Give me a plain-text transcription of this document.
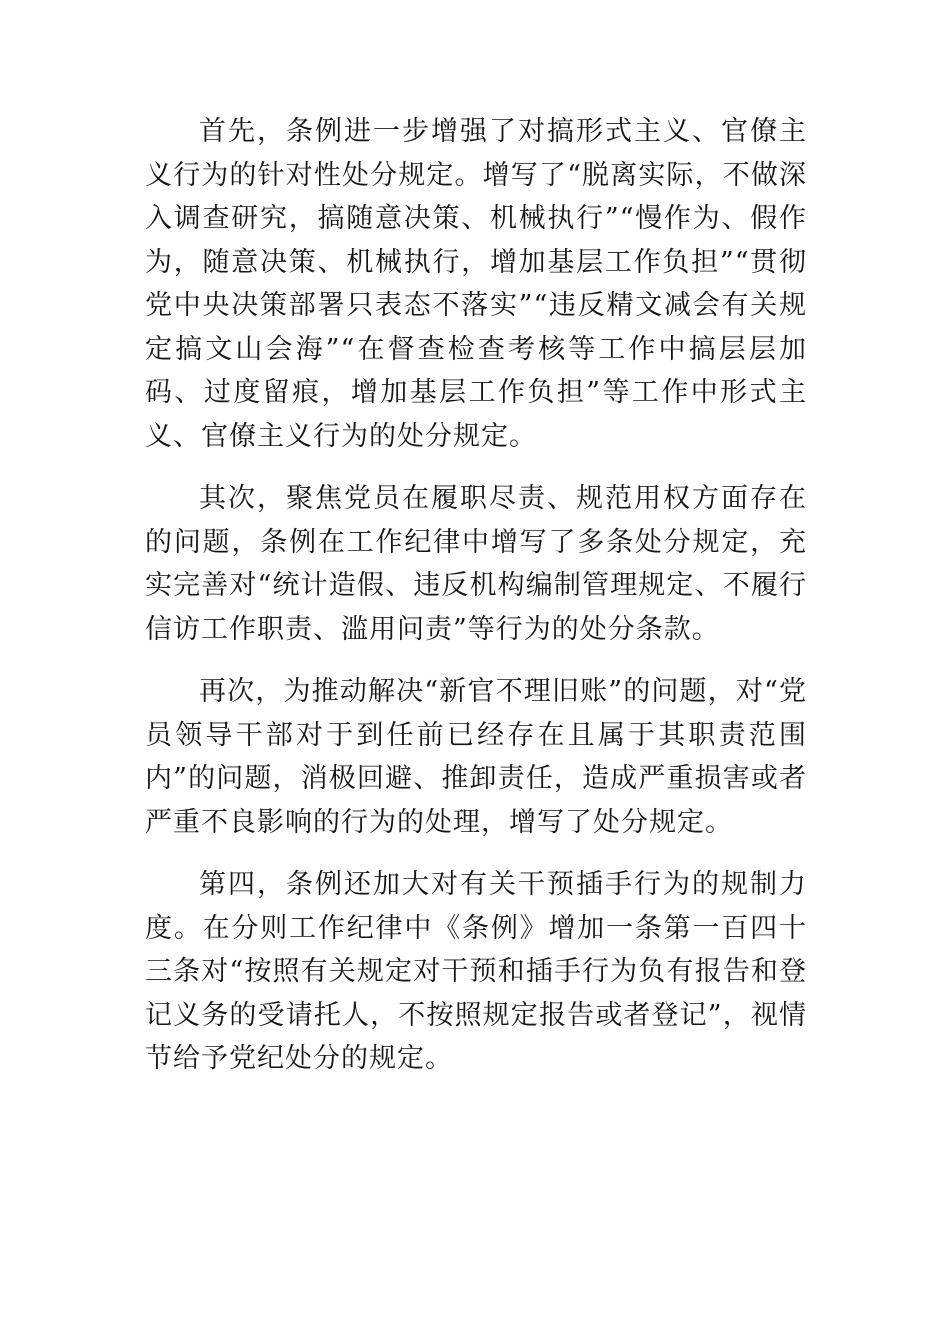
首先，条例进一步增强了对搞形式主义、官僚主义行为的针对性处分规定。增写了“脱离实际，不做深入调查研究，搞随意决策、机械执行”“慢作为、假作为，随意决策、机械执行，增加基层工作负担”“贯彻党中央决策部署只表态不落实”“违反精文减会有关规定搞文山会海”“在督查检查考核等工作中搞层层加码、过度留痕，增加基层工作负担”等工作中形式主义、官僚主义行为的处分规定。

其次，聚焦党员在履职尽责、规范用权方面存在的问题，条例在工作纪律中增写了多条处分规定，充实完善对“统计造假、违反机构编制管理规定、不履行信访工作职责、滥用问责”等行为的处分条款。

再次，为推动解决“新官不理旧账”的问题，对“党员领导干部对于到任前已经存在且属于其职责范围内”的问题，消极回避、推卸责任，造成严重损害或者严重不良影响的行为的处理，增写了处分规定。

第四，条例还加大对有关干预插手行为的规制力度。在分则工作纪律中《条例》增加一条第一百四十三条对“按照有关规定对干预和插手行为负有报告和登记义务的受请托人，不按照规定报告或者登记”，视情节给予党纪处分的规定。
